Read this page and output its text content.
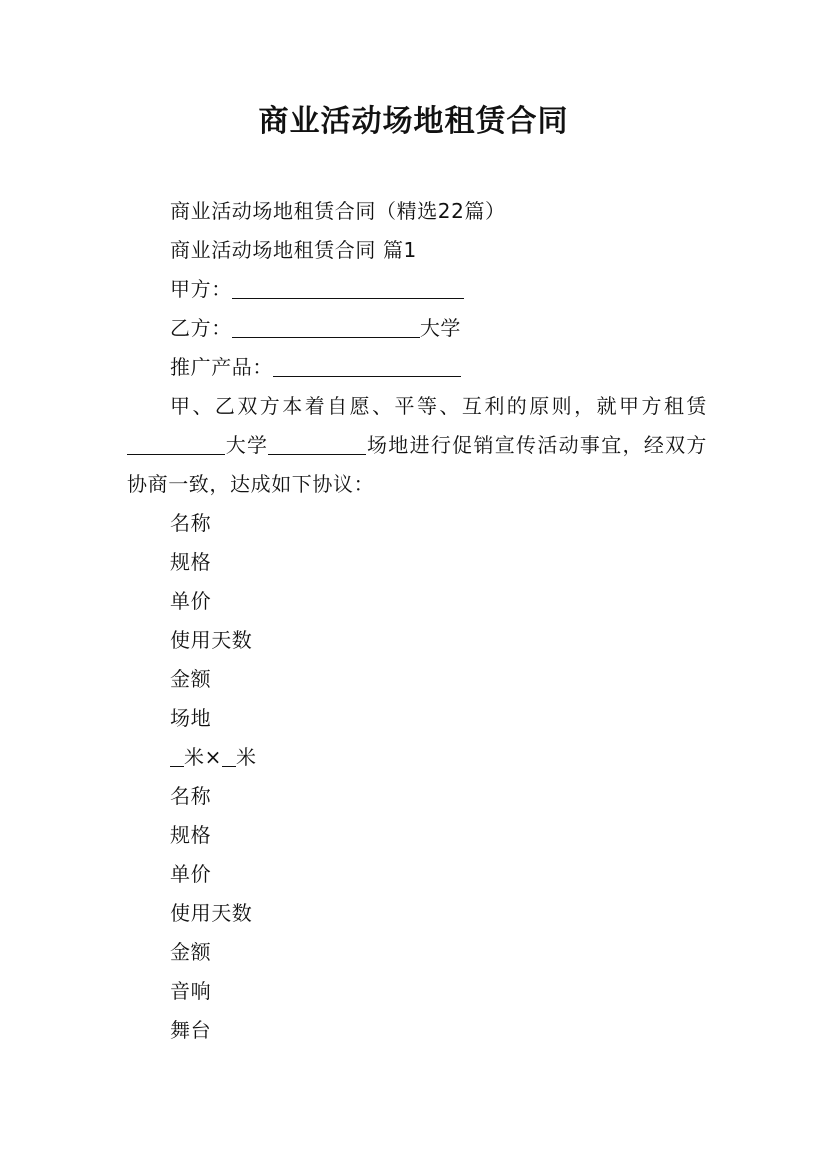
商业活动场地租赁合同
商业活动场地租赁合同（精选22篇）
商业活动场地租赁合同 篇1
甲方：
乙方：	大学
推广产品：
甲、乙双方本着自愿、平等、互利的原则，就甲方租赁大学	场地进行促销宣传活动事宜，经双方协商一致，达成如下协议：
名称
规格
单价
使用天数
金额
场地
米× 米
名称
规格
单价
使用天数
金额
音响
舞台
